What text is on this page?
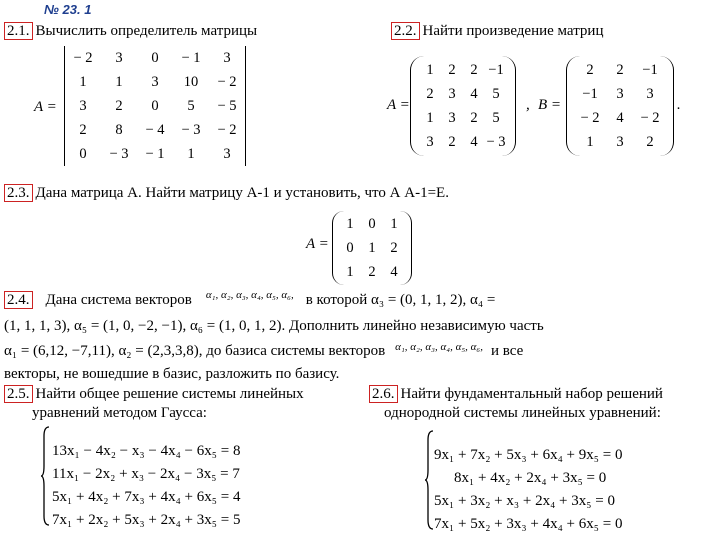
№ 23. 1
2.1. Вычислить определитель матрицы
A =
− 2	3	0	− 1	3
1	1	3	10	− 2
3	2	0	5	− 5
2	8	− 4	− 3	− 2
0	− 3	− 1	1	3
2.2. Найти произведение матриц
A =
1	2	2	−1
2	3	4	5
1	3	2	5
3	2	4	− 3
, B =
2	2	−1
−1	3	3
− 2	4	− 2
1	3	2
.
2.3. Дана матрица А. Найти матрицу А-1 и установить, что А А-1=Е.
A =
1	0	1
0	1	2
1	2	4
2.4. Дана система векторов α₁, α₂, α₃, α₄, α₅, α₆, в которой α₃ = (0, 1, 1, 2), α₄ =
(1, 1, 1, 3), α₅ = (1, 0, −2, −1), α₆ = (1, 0, 1, 2). Дополнить линейно независимую часть
α₁ = (6,12, −7,11), α₂ = (2,3,3,8), до базиса системы векторов α₁, α₂, α₃, α₄, α₅, α₆, и все
векторы, не вошедшие в базис, разложить по базису.
2.5. Найти общее решение системы линейных
уравнений методом Гаусса:
13x₁ − 4x₂ − x₃ − 4x₄ − 6x₅ = 8
11x₁ − 2x₂ + x₃ − 2x₄ − 3x₅ = 7
5x₁ + 4x₂ + 7x₃ + 4x₄ + 6x₅ = 4
7x₁ + 2x₂ + 5x₃ + 2x₄ + 3x₅ = 5
2.6. Найти фундаментальный набор решений
однородной системы линейных уравнений:
9x₁ + 7x₂ + 5x₃ + 6x₄ + 9x₅ = 0
8x₁ + 4x₂ + 2x₄ + 3x₅ = 0
5x₁ + 3x₂ + x₃ + 2x₄ + 3x₅ = 0
7x₁ + 5x₂ + 3x₃ + 4x₄ + 6x₅ = 0
